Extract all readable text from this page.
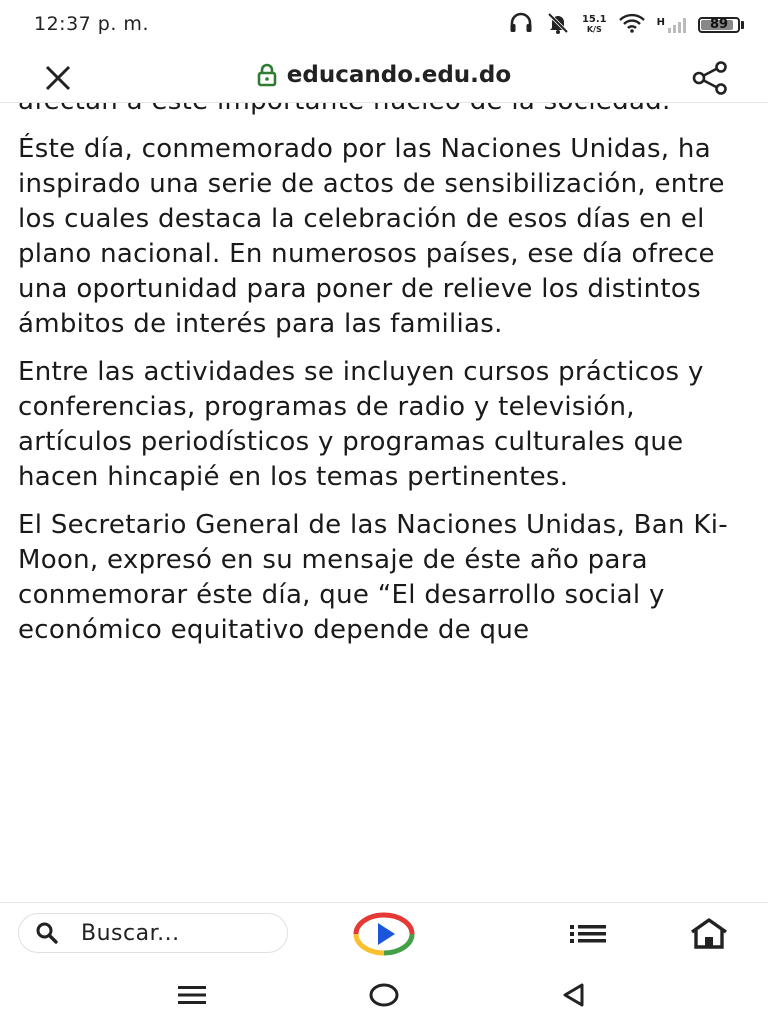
12:37 p. m.	15.1
K/S
H	89
educando.edu.do

Éste día, conmemorado por las Naciones Unidas, ha inspirado una serie de actos de sensibilización, entre los cuales destaca la celebración de esos días en el plano nacional. En numerosos países, ese día ofrece una oportunidad para poner de relieve los distintos ámbitos de interés para las familias.

Entre las actividades se incluyen cursos prácticos y conferencias, programas de radio y televisión, artículos periodísticos y programas culturales que hacen hincapié en los temas pertinentes.

El Secretario General de las Naciones Unidas, Ban Ki-Moon, expresó en su mensaje de éste año para conmemorar éste día, que “El desarrollo social y económico equitativo depende de que

Buscar...
